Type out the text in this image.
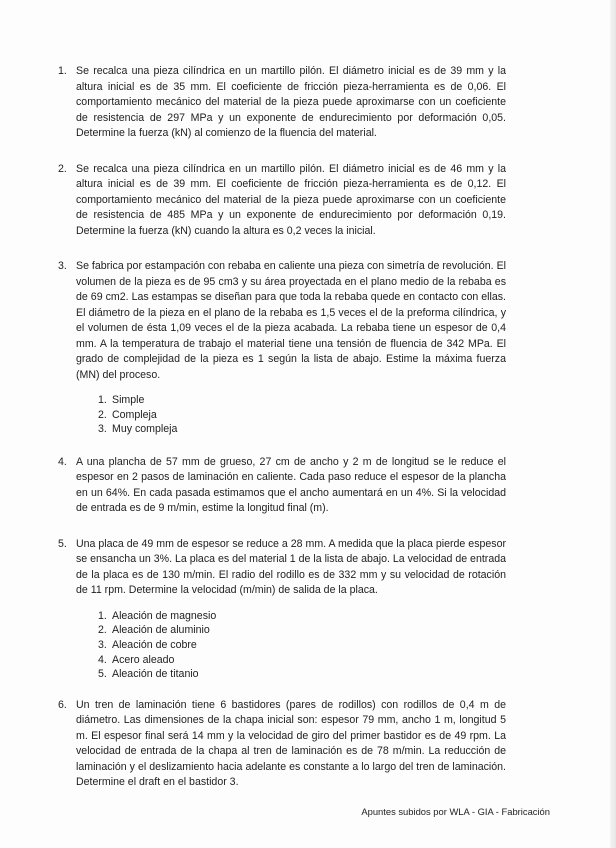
1. Se recalca una pieza cilíndrica en un martillo pilón. El diámetro inicial es de 39 mm y la altura inicial es de 35 mm. El coeficiente de fricción pieza-herramienta es de 0,06. El comportamiento mecánico del material de la pieza puede aproximarse con un coeficiente de resistencia de 297 MPa y un exponente de endurecimiento por deformación 0,05. Determine la fuerza (kN) al comienzo de la fluencia del material.
2. Se recalca una pieza cilíndrica en un martillo pilón. El diámetro inicial es de 46 mm y la altura inicial es de 39 mm. El coeficiente de fricción pieza-herramienta es de 0,12. El comportamiento mecánico del material de la pieza puede aproximarse con un coeficiente de resistencia de 485 MPa y un exponente de endurecimiento por deformación 0,19. Determine la fuerza (kN) cuando la altura es 0,2 veces la inicial.
3. Se fabrica por estampación con rebaba en caliente una pieza con simetría de revolución. El volumen de la pieza es de 95 cm3 y su área proyectada en el plano medio de la rebaba es de 69 cm2. Las estampas se diseñan para que toda la rebaba quede en contacto con ellas. El diámetro de la pieza en el plano de la rebaba es 1,5 veces el de la preforma cilíndrica, y el volumen de ésta 1,09 veces el de la pieza acabada. La rebaba tiene un espesor de 0,4 mm. A la temperatura de trabajo el material tiene una tensión de fluencia de 342 MPa. El grado de complejidad de la pieza es 1 según la lista de abajo. Estime la máxima fuerza (MN) del proceso.
1. Simple
2. Compleja
3. Muy compleja
4. A una plancha de 57 mm de grueso, 27 cm de ancho y 2 m de longitud se le reduce el espesor en 2 pasos de laminación en caliente. Cada paso reduce el espesor de la plancha en un 64%. En cada pasada estimamos que el ancho aumentará en un 4%. Si la velocidad de entrada es de 9 m/min, estime la longitud final (m).
5. Una placa de 49 mm de espesor se reduce a 28 mm. A medida que la placa pierde espesor se ensancha un 3%. La placa es del material 1 de la lista de abajo. La velocidad de entrada de la placa es de 130 m/min. El radio del rodillo es de 332 mm y su velocidad de rotación de 11 rpm. Determine la velocidad (m/min) de salida de la placa.
1. Aleación de magnesio
2. Aleación de aluminio
3. Aleación de cobre
4. Acero aleado
5. Aleación de titanio
6. Un tren de laminación tiene 6 bastidores (pares de rodillos) con rodillos de 0,4 m de diámetro. Las dimensiones de la chapa inicial son: espesor 79 mm, ancho 1 m, longitud 5 m. El espesor final será 14 mm y la velocidad de giro del primer bastidor es de 49 rpm. La velocidad de entrada de la chapa al tren de laminación es de 78 m/min. La reducción de laminación y el deslizamiento hacia adelante es constante a lo largo del tren de laminación. Determine el draft en el bastidor 3.
Apuntes subidos por WLA - GIA - Fabricación
